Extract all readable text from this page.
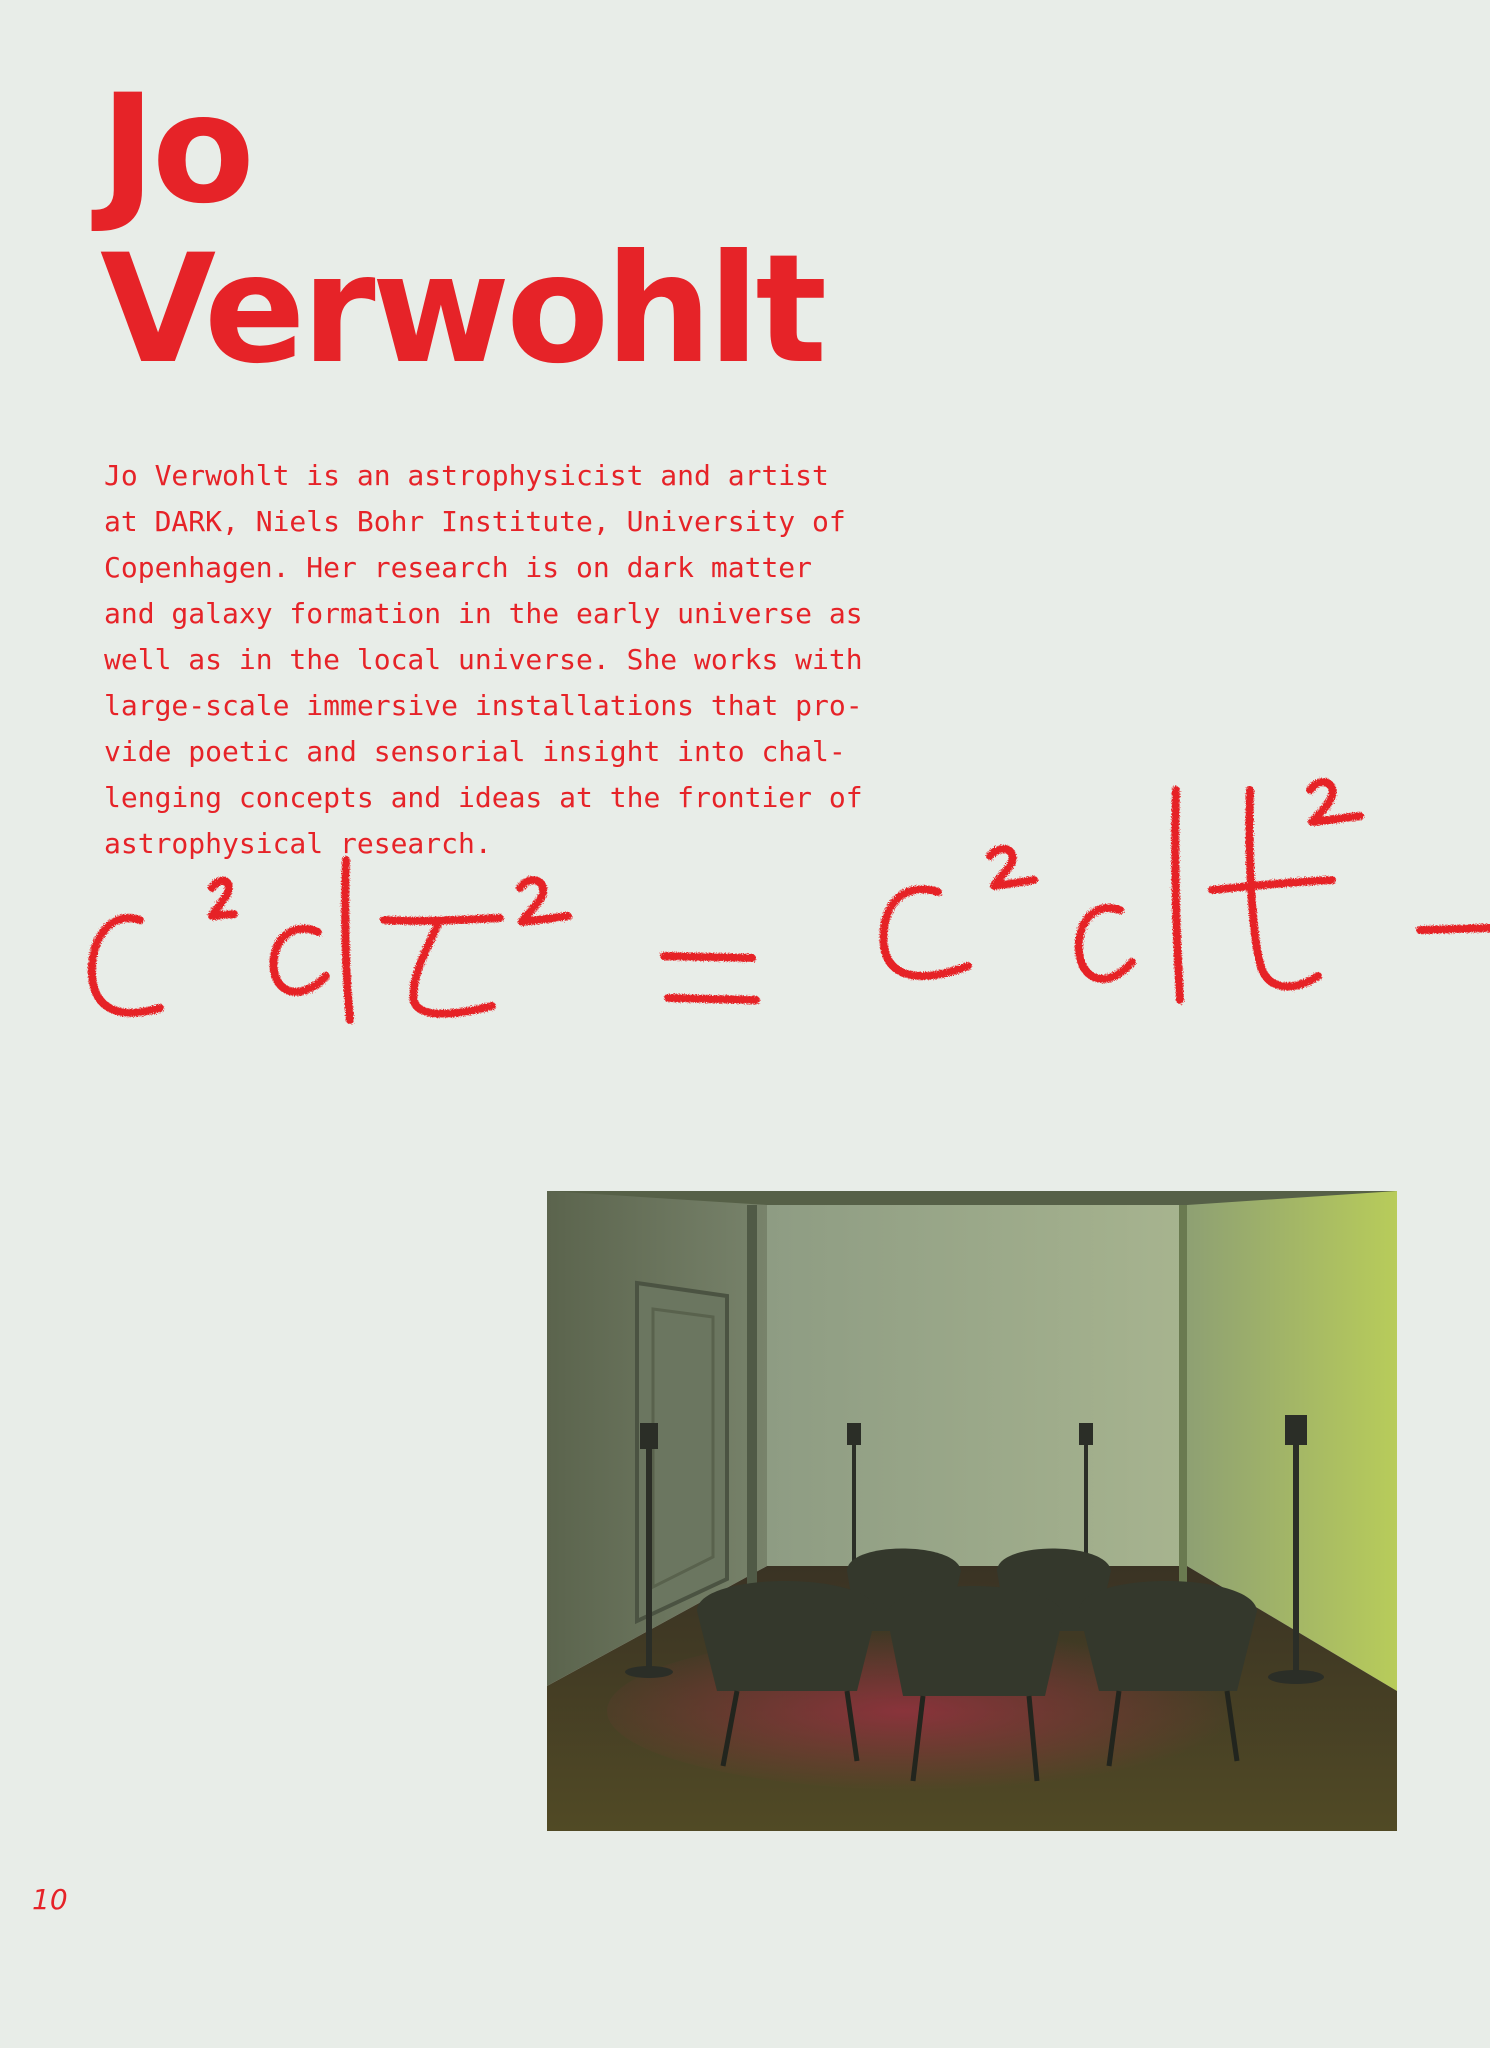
Jo
Verwohlt

Jo Verwohlt is an astrophysicist and artist
at DARK, Niels Bohr Institute, University of
Copenhagen. Her research is on dark matter
and galaxy formation in the early universe as
well as in the local universe. She works with
large-scale immersive installations that pro-
vide poetic and sensorial insight into chal-
lenging concepts and ideas at the frontier of
astrophysical research.

10
